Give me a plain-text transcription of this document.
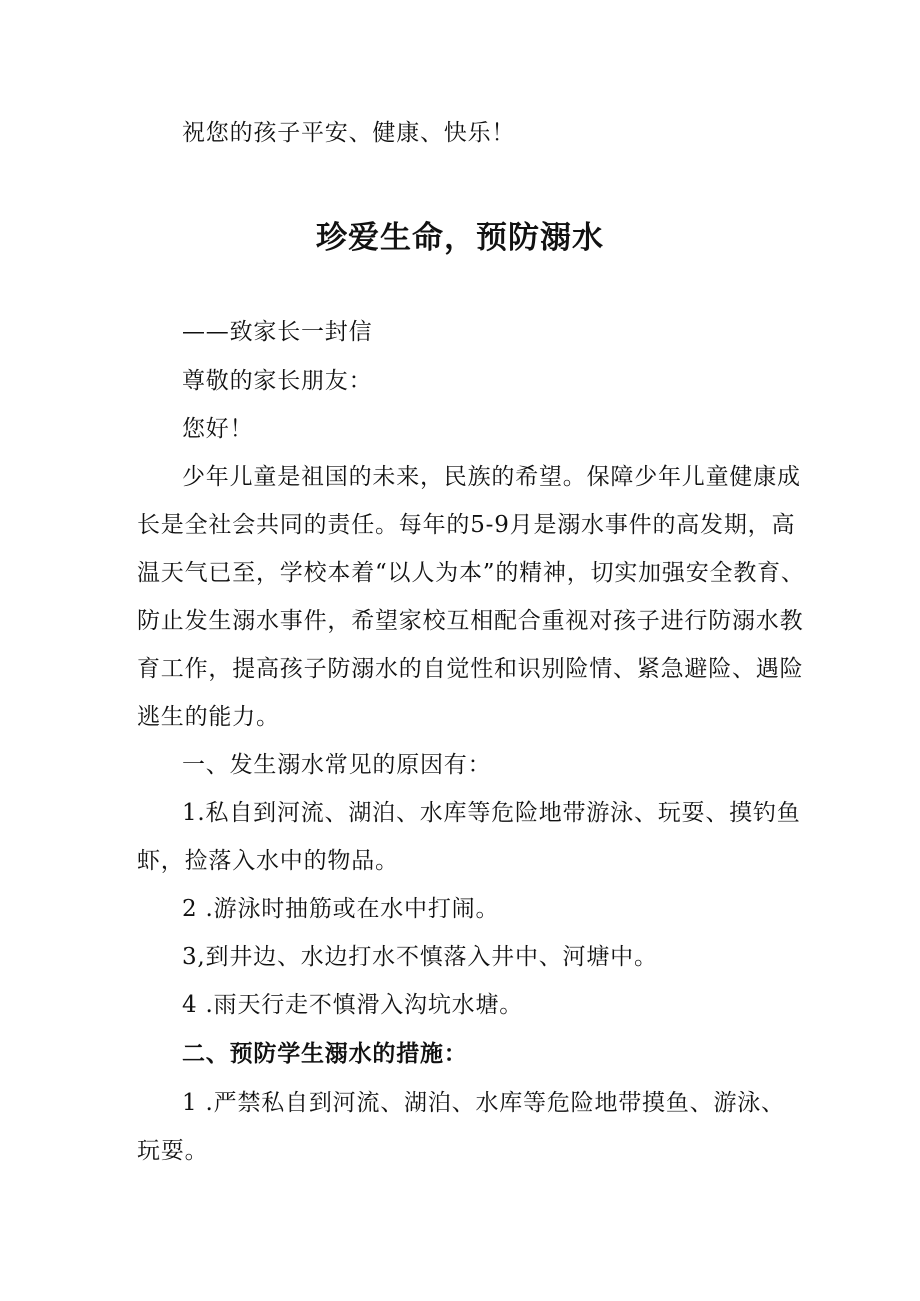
祝您的孩子平安、健康、快乐！
珍爱生命，预防溺水
——致家长一封信
尊敬的家长朋友：
您好！
少年儿童是祖国的未来，民族的希望。保障少年儿童健康成
长是全社会共同的责任。每年的5-9月是溺水事件的高发期，高
温天气已至，学校本着“以人为本”的精神，切实加强安全教育、
防止发生溺水事件，希望家校互相配合重视对孩子进行防溺水教
育工作，提高孩子防溺水的自觉性和识别险情、紧急避险、遇险
逃生的能力。
一、发生溺水常见的原因有：
1.私自到河流、湖泊、水库等危险地带游泳、玩耍、摸钓鱼
虾，捡落入水中的物品。
2 .游泳时抽筋或在水中打闹。
3,到井边、水边打水不慎落入井中、河塘中。
4 .雨天行走不慎滑入沟坑水塘。
二、预防学生溺水的措施：
1 .严禁私自到河流、湖泊、水库等危险地带摸鱼、游泳、
玩耍。
